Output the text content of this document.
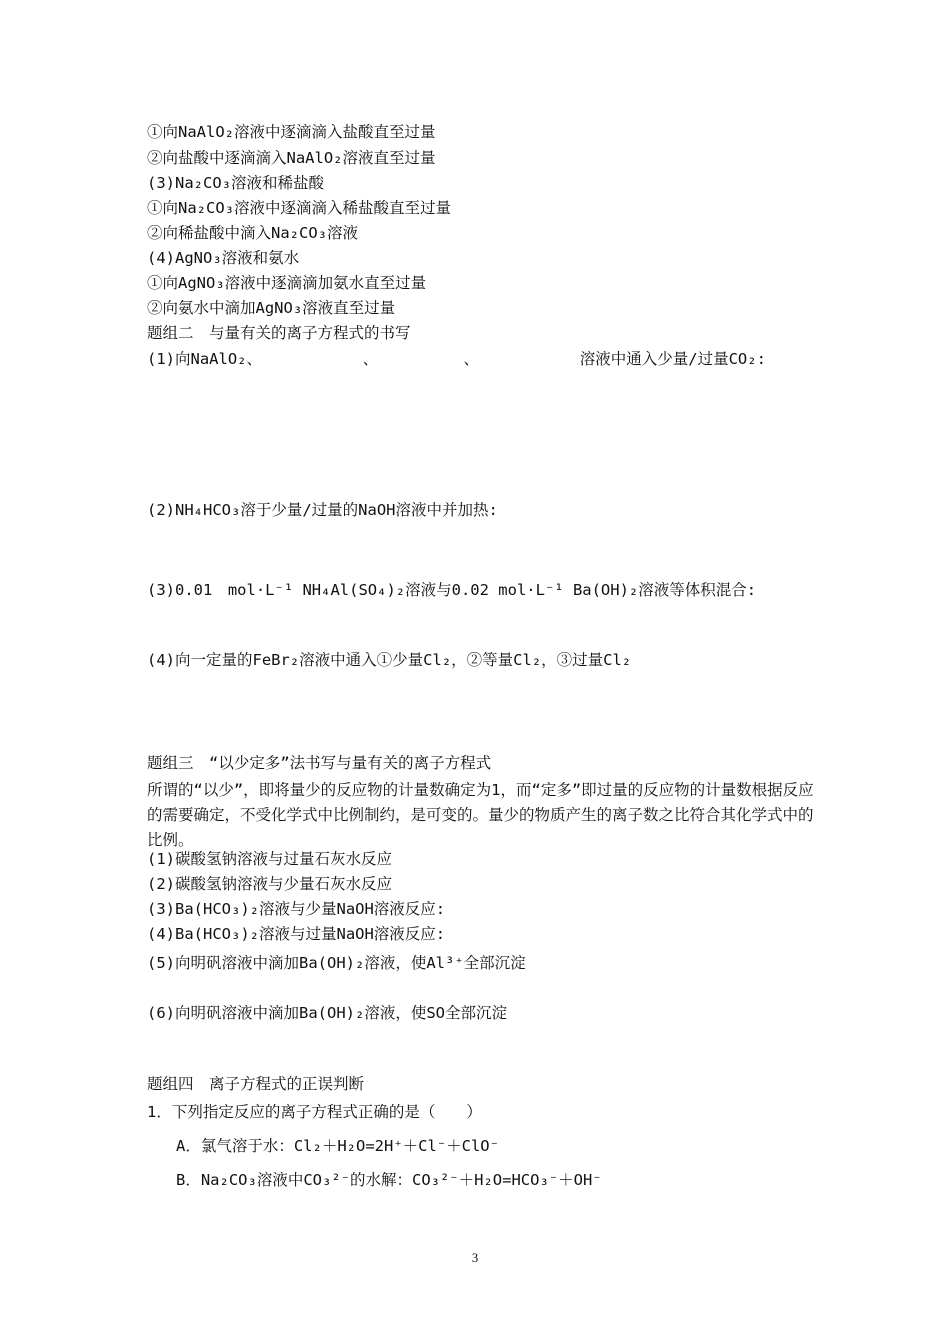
①向NaAlO₂溶液中逐滴滴入盐酸直至过量
②向盐酸中逐滴滴入NaAlO₂溶液直至过量
(3)Na₂CO₃溶液和稀盐酸
①向Na₂CO₃溶液中逐滴滴入稀盐酸直至过量
②向稀盐酸中滴入Na₂CO₃溶液
(4)AgNO₃溶液和氨水
①向AgNO₃溶液中逐滴滴加氨水直至过量
②向氨水中滴加AgNO₃溶液直至过量
题组二　与量有关的离子方程式的书写
(1)向NaAlO₂、　　　　　　　、　　　　　　、　　　　　　　溶液中通入少量/过量CO₂:
(2)NH₄HCO₃溶于少量/过量的NaOH溶液中并加热:
(3)0.01　mol·L⁻¹ NH₄Al(SO₄)₂溶液与0.02 mol·L⁻¹ Ba(OH)₂溶液等体积混合:
(4)向一定量的FeBr₂溶液中通入①少量Cl₂，②等量Cl₂，③过量Cl₂
题组三　“以少定多”法书写与量有关的离子方程式
所谓的“以少”，即将量少的反应物的计量数确定为1，而“定多”即过量的反应物的计量数根据反应的需要确定，不受化学式中比例制约，是可变的。量少的物质产生的离子数之比符合其化学式中的比例。
(1)碳酸氢钠溶液与过量石灰水反应
(2)碳酸氢钠溶液与少量石灰水反应
(3)Ba(HCO₃)₂溶液与少量NaOH溶液反应:
(4)Ba(HCO₃)₂溶液与过量NaOH溶液反应:
(5)向明矾溶液中滴加Ba(OH)₂溶液，使Al³⁺全部沉淀
(6)向明矾溶液中滴加Ba(OH)₂溶液，使SO全部沉淀
题组四　离子方程式的正误判断
1．下列指定反应的离子方程式正确的是（　　）
A．氯气溶于水：Cl₂＋H₂O=2H⁺＋Cl⁻＋ClO⁻
B．Na₂CO₃溶液中CO₃²⁻的水解：CO₃²⁻＋H₂O=HCO₃⁻＋OH⁻
3
